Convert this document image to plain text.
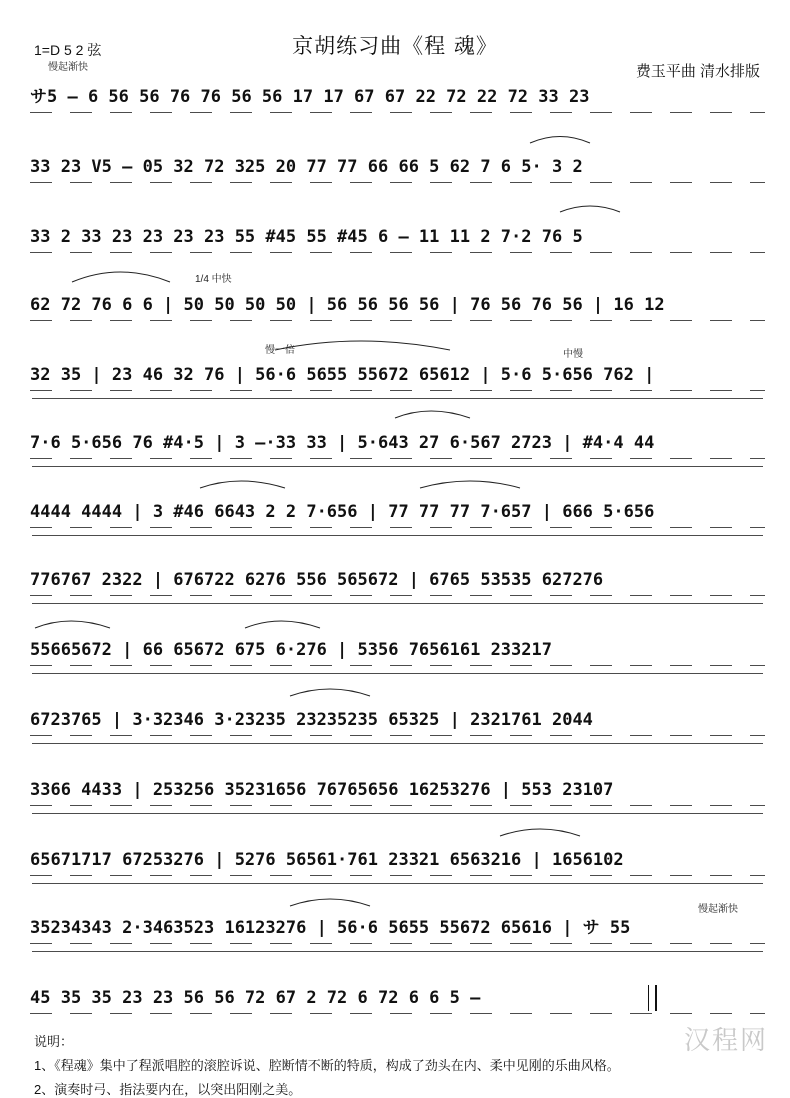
1=D 5 2 弦	京胡练习曲《程 魂》
费玉平曲 清水排版
慢起渐快
1/4 中快
慢一倍	中慢
慢起渐快
サ5 – 6 56 56 76 76 56 56 17 17 67 67 22 72 22 72 33 23
33 23 V5 — 05 32 72 325 20 77 77 66 66 5 62 7 6 5· 3 2
33 2 33 23 23 23 23 55 #45 55 #45 6 – 11 11 2 7·2 76 5
62 72 76 6 6 | 50 50 50 50 | 56 56 56 56 | 76 56 76 56 | 16 12
32 35 | 23 46 32 76 | 56·6 5655 55672 65612 | 5·6 5·656 762 |
7·6 5·656 76 #4·5 | 3 –·33 33 | 5·643 27 6·567 2723 | #4·4 44
4444 4444 | 3 #46 6643 2 2 7·656 | 77 77 77 7·657 | 666 5·656
776767 2322 | 676722 6276 556 565672 | 6765 53535 627276
55665672 | 66 65672 675 6·276 | 5356 7656161 233217
6723765 | 3·32346 3·23235 23235235 65325 | 2321761 2044
3366 4433 | 253256 35231656 76765656 16253276 | 553 23107
65671717 67253276 | 5276 56561·761 23321 6563216 | 1656102
35234343 2·3463523 16123276 | 56·6 5655 55672 65616 | サ 55
45 35 35 23 23 56 56 72 67 2 72 6 72 6 6 5 –
说明：
1、《程魂》集中了程派唱腔的滚腔诉说、腔断情不断的特质，构成了劲头在内、柔中见刚的乐曲风格。
2、演奏时弓、指法要内在，以突出阳刚之美。
汉程网
